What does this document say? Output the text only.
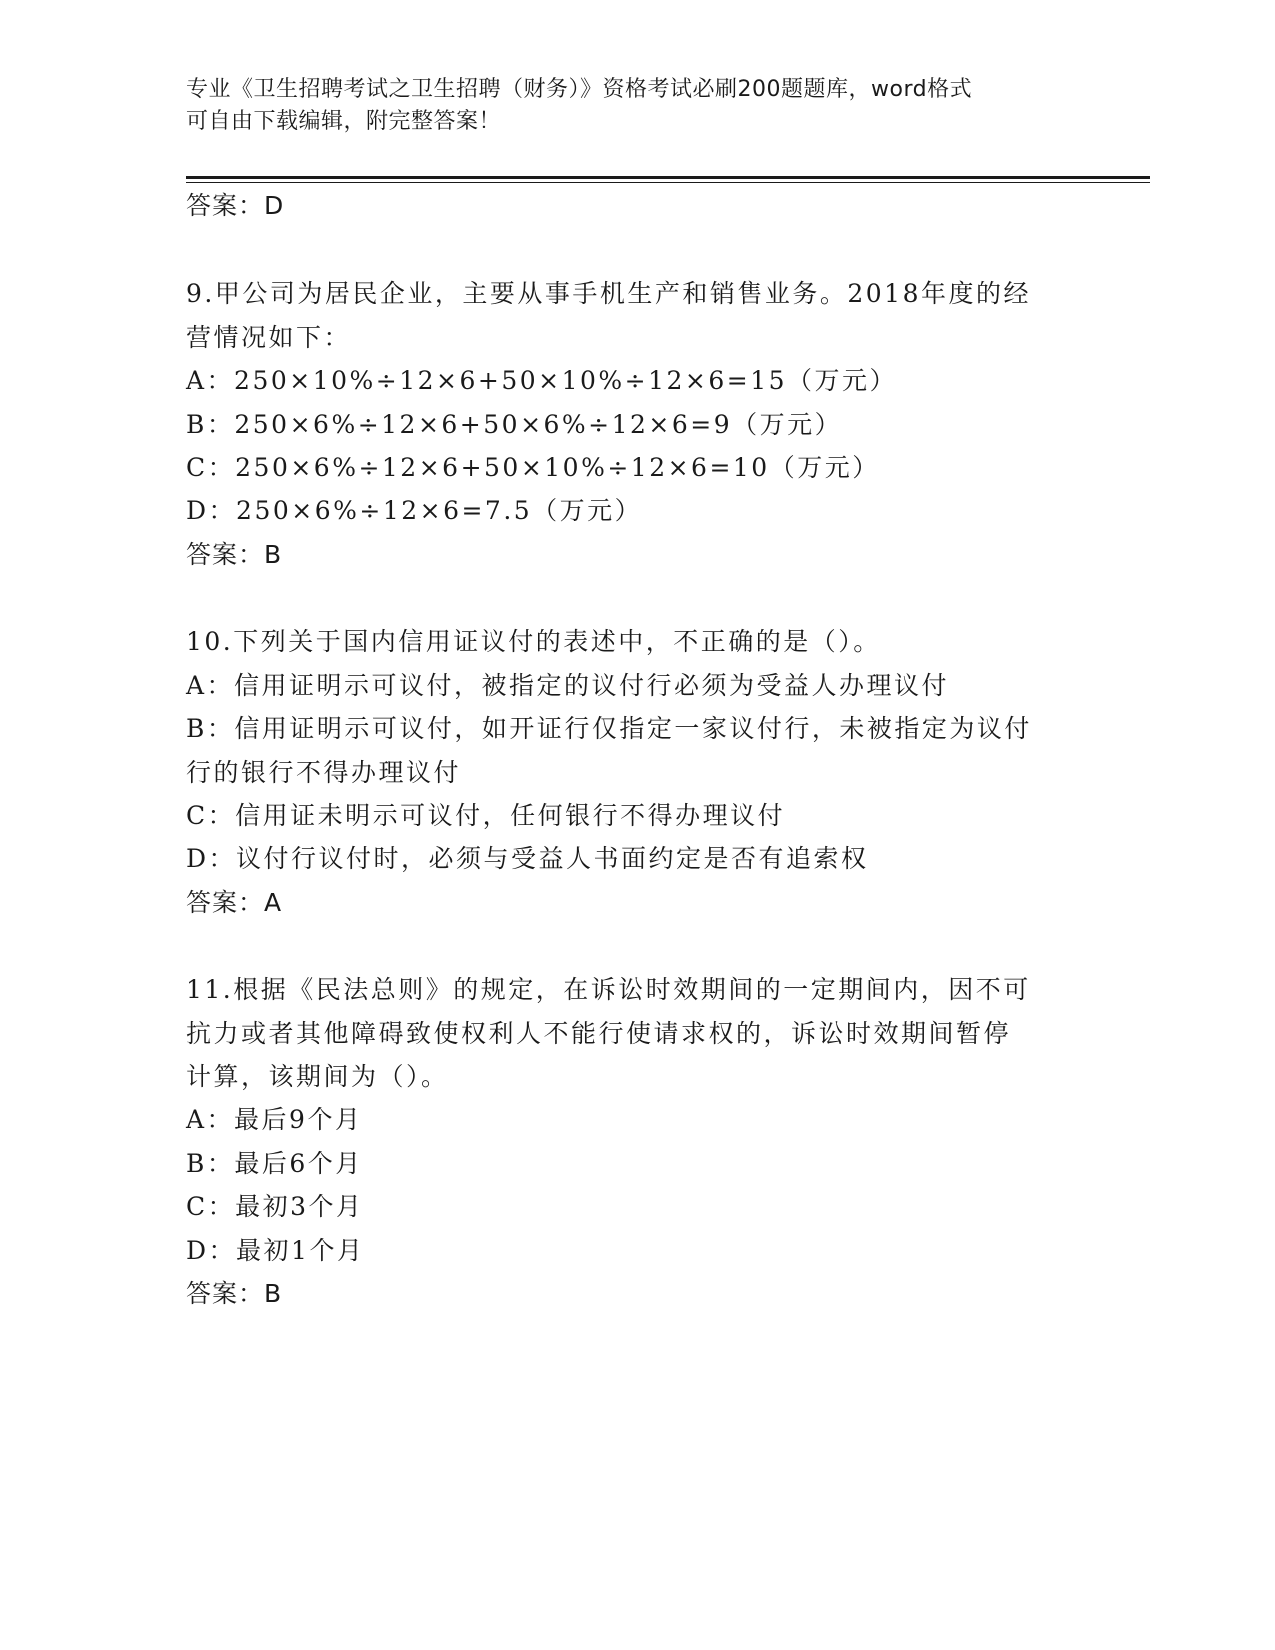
专业《卫生招聘考试之卫生招聘（财务）》资格考试必刷200题题库，word格式

可自由下载编辑，附完整答案！

答案：D

9.甲公司为居民企业，主要从事手机生产和销售业务。2018年度的经

营情况如下：

A：250×10%÷12×6+50×10%÷12×6=15（万元）

B：250×6%÷12×6+50×6%÷12×6=9（万元）

C：250×6%÷12×6+50×10%÷12×6=10（万元）

D：250×6%÷12×6=7.5（万元）

答案：B

10.下列关于国内信用证议付的表述中，不正确的是（）。

A：信用证明示可议付，被指定的议付行必须为受益人办理议付

B：信用证明示可议付，如开证行仅指定一家议付行，未被指定为议付

行的银行不得办理议付

C：信用证未明示可议付，任何银行不得办理议付

D：议付行议付时，必须与受益人书面约定是否有追索权

答案：A

11.根据《民法总则》的规定，在诉讼时效期间的一定期间内，因不可

抗力或者其他障碍致使权利人不能行使请求权的，诉讼时效期间暂停

计算，该期间为（）。

A：最后9个月

B：最后6个月

C：最初3个月

D：最初1个月

答案：B
